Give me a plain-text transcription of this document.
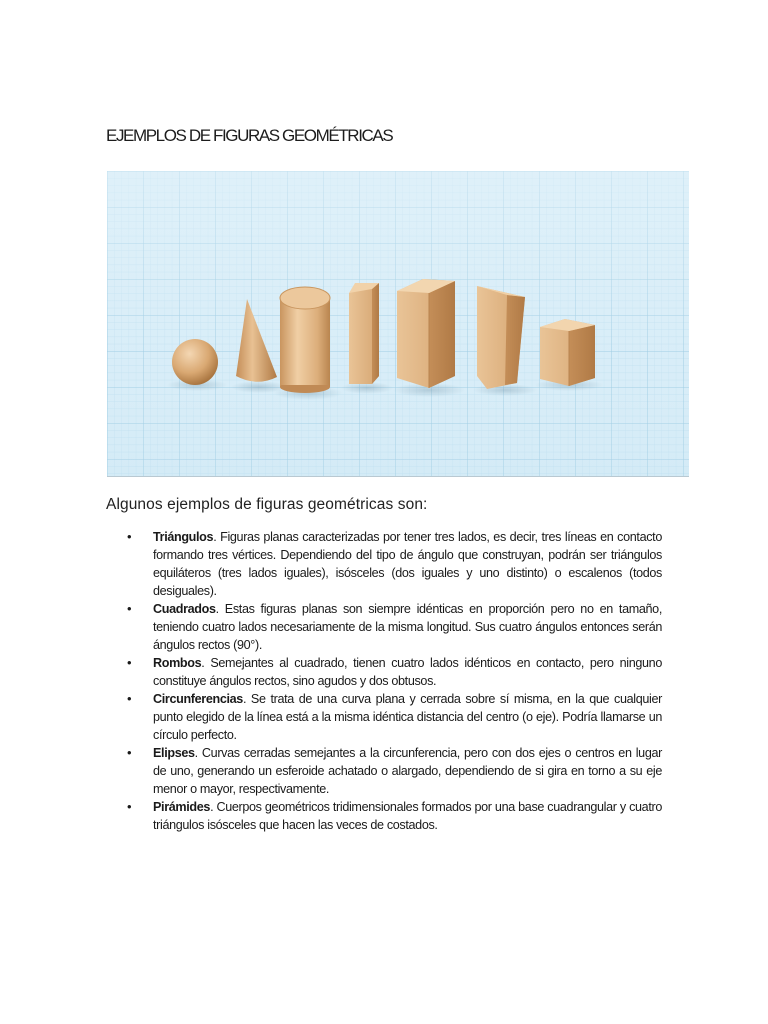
EJEMPLOS DE FIGURAS GEOMÉTRICAS
Algunos ejemplos de figuras geométricas son:
• Triángulos. Figuras planas caracterizadas por tener tres lados, es decir, tres líneas en contacto formando tres vértices. Dependiendo del tipo de ángulo que construyan, podrán ser triángulos equiláteros (tres lados iguales), isósceles (dos iguales y uno distinto) o escalenos (todos desiguales).
• Cuadrados. Estas figuras planas son siempre idénticas en proporción pero no en tamaño, teniendo cuatro lados necesariamente de la misma longitud. Sus cuatro ángulos entonces serán ángulos rectos (90°).
• Rombos. Semejantes al cuadrado, tienen cuatro lados idénticos en contacto, pero ninguno constituye ángulos rectos, sino agudos y dos obtusos.
• Circunferencias. Se trata de una curva plana y cerrada sobre sí misma, en la que cualquier punto elegido de la línea está a la misma idéntica distancia del centro (o eje). Podría llamarse un círculo perfecto.
• Elipses. Curvas cerradas semejantes a la circunferencia, pero con dos ejes o centros en lugar de uno, generando un esferoide achatado o alargado, dependiendo de si gira en torno a su eje menor o mayor, respectivamente.
• Pirámides. Cuerpos geométricos tridimensionales formados por una base cuadrangular y cuatro triángulos isósceles que hacen las veces de costados.
